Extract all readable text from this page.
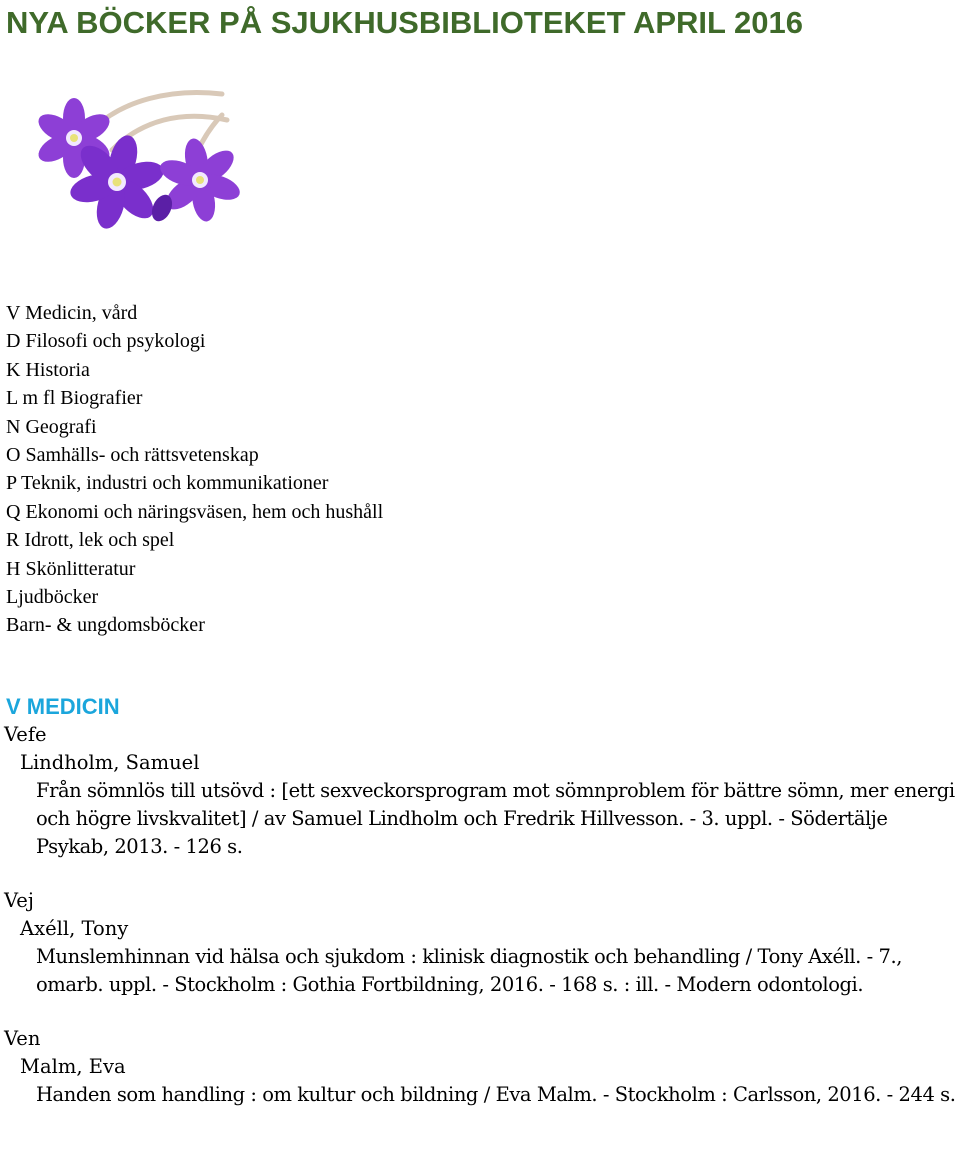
NYA BÖCKER PÅ SJUKHUSBIBLIOTEKET APRIL 2016
V Medicin, vård
D Filosofi och psykologi
K Historia
L m fl Biografier
N Geografi
O Samhälls- och rättsvetenskap
P Teknik, industri och kommunikationer
Q Ekonomi och näringsväsen, hem och hushåll
R Idrott, lek och spel
H Skönlitteratur
Ljudböcker
Barn- & ungdomsböcker
V MEDICIN

Vefe

Lindholm, Samuel

Från sömnlös till utsövd : [ett sexveckorsprogram mot sömnproblem för bättre sömn, mer energi och högre livskvalitet] / av Samuel Lindholm och Fredrik Hillvesson. - 3. uppl. - Södertälje Psykab, 2013. - 126 s.

Vej

Axéll, Tony

Munslemhinnan vid hälsa och sjukdom : klinisk diagnostik och behandling / Tony Axéll. - 7., omarb. uppl. - Stockholm : Gothia Fortbildning, 2016. - 168 s. : ill. - Modern odontologi.

Ven

Malm, Eva

Handen som handling : om kultur och bildning / Eva Malm. - Stockholm : Carlsson, 2016. - 244 s.
